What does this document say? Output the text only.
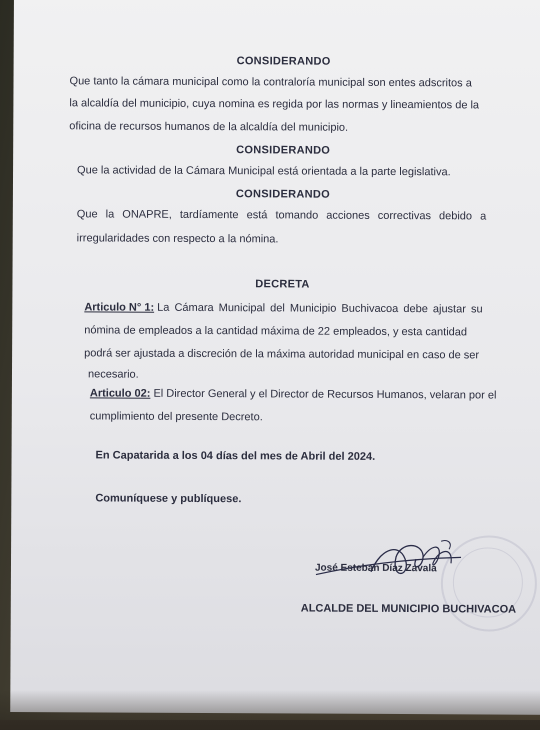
CONSIDERANDO
Que tanto la cámara municipal como la contraloría municipal son entes adscritos a
la alcaldía del municipio, cuya nomina es regida por las normas y lineamientos de la
oficina de recursos humanos de la alcaldía del municipio.
CONSIDERANDO
Que la actividad de la Cámara Municipal está orientada a la parte legislativa.
CONSIDERANDO
Que la ONAPRE, tardíamente está tomando acciones correctivas debido a
irregularidades con respecto a la nómina.
DECRETA
Articulo N° 1: La Cámara Municipal del Municipio Buchivacoa debe ajustar su
nómina de empleados a la cantidad máxima de 22 empleados, y esta cantidad
podrá ser ajustada a discreción de la máxima autoridad municipal en caso de ser
necesario.
Articulo 02: El Director General y el Director de Recursos Humanos, velaran por el
cumplimiento del presente Decreto.
En Capatarida a los 04 días del mes de Abril del 2024.
Comuníquese y publíquese.
José Esteban Díaz Zavala
ALCALDE DEL MUNICIPIO BUCHIVACOA
